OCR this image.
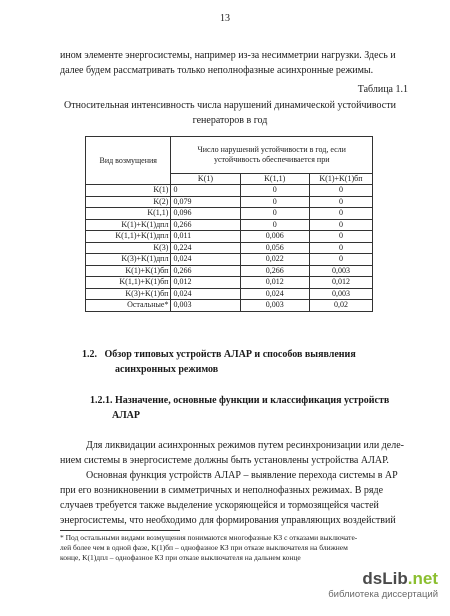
13
ином элементе энергосистемы, например из-за несимметрии нагрузки. Здесь и
далее будем рассматривать только неполнофазные асинхронные режимы.
Таблица 1.1
Относительная интенсивность числа нарушений динамической устойчивости
генераторов в год
Вид возмущения	Число нарушений устойчивости в год, если устойчивость обеспечивается при		
	K(1)	K(1,1)	K(1)+K(1)бп
K(1)	0	0	0
K(2)	0,079	0	0
K(1,1)	0,096	0	0
K(1)+K(1)дпл	0,266	0	0
K(1,1)+K(1)дпл	0,011	0,006	0
K(3)	0,224	0,056	0
K(3)+K(1)дпл	0,024	0,022	0
K(1)+K(1)бп	0,266	0,266	0,003
K(1,1)+K(1)бп	0,012	0,012	0,012
K(3)+K(1)бп	0,024	0,024	0,003
Остальные*	0,003	0,003	0,02
1.2. Обзор типовых устройств АЛАР и способов выявления
асинхронных режимов
1.2.1. Назначение, основные функции и классификация устройств
АЛАР
Для ликвидации асинхронных режимов путем ресинхронизации или деле-
нием системы в энергосистеме должны быть установлены устройства АЛАР.
Основная функция устройств АЛАР – выявление перехода системы в АР
при его возникновении в симметричных и неполнофазных режимах. В ряде
случаев требуется также выделение ускоряющейся и тормозящейся частей
энергосистемы, что необходимо для формирования управляющих воздействий
* Под остальными видами возмущения понимаются многофазные КЗ с отказами выключате-
лей более чем в одной фазе, K(1)бп – однофазное КЗ при отказе выключателя на ближнем
конце, K(1)дпл – однофазное КЗ при отказе выключателя на дальнем конце
dsLib.net
библиотека диссертаций
